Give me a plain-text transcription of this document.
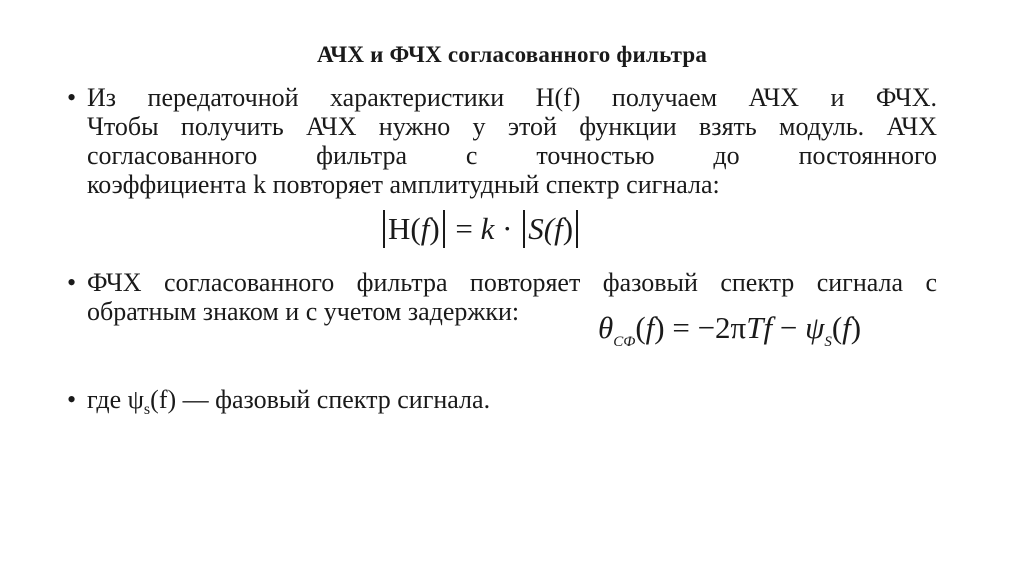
АЧХ и ФЧХ согласованного фильтра
• Из передаточной характеристики H(f) получаем АЧХ и ФЧХ.
Чтобы получить АЧХ нужно у этой функции взять модуль. АЧХ
согласованного фильтра с точностью до постоянного
коэффициента k повторяет амплитудный спектр сигнала:
H(f) = k · S(f)
• ФЧХ согласованного фильтра повторяет фазовый спектр сигнала с обратным знаком и с учетом задержки:	$\theta_{СФ}(f) = -2\pi Tf - \psi_S(f)$
• где $\psi_s(f)$ — фазовый спектр сигнала.
